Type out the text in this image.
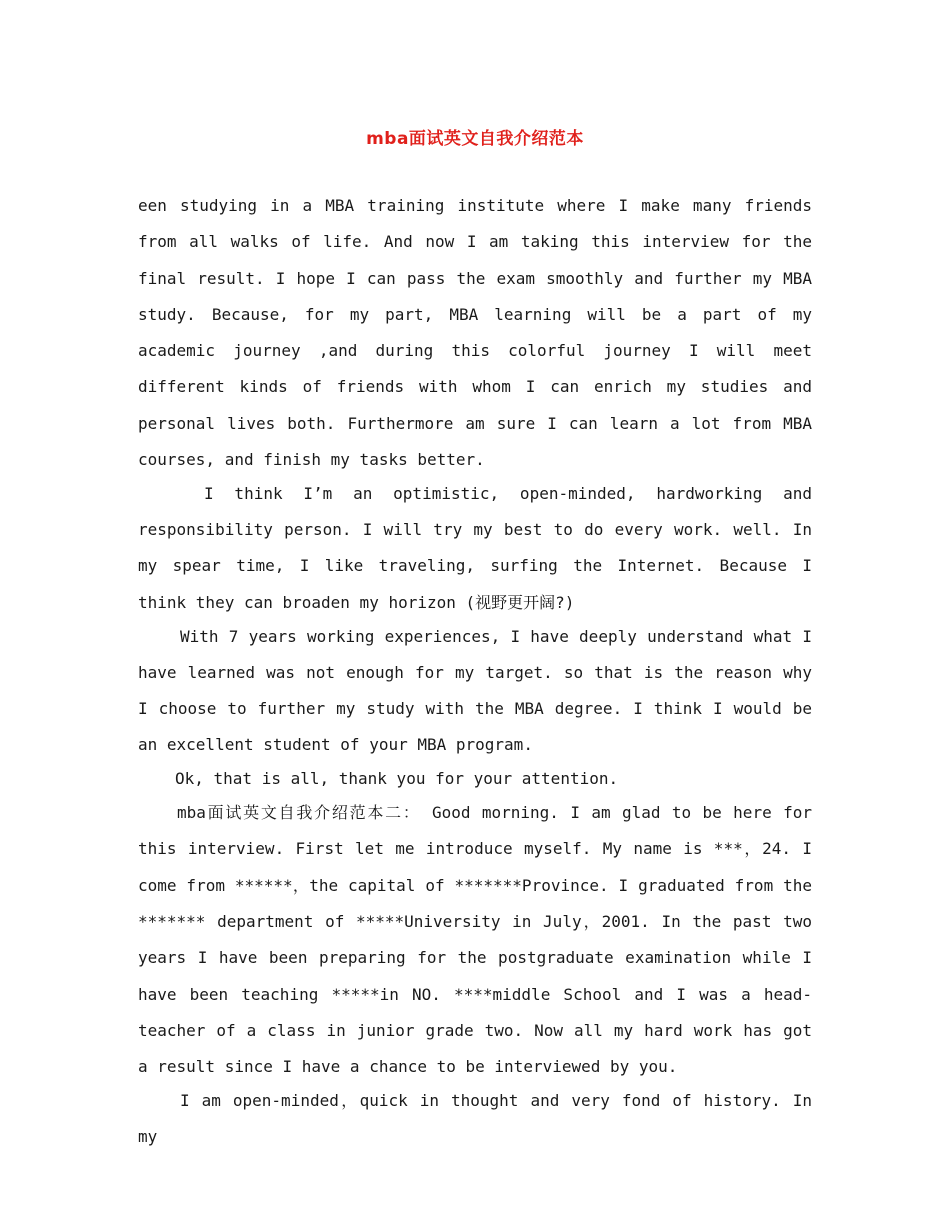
mba面试英文自我介绍范本

een studying in a MBA training institute where I make many friends from all walks of life. And now I am taking this interview for the final result. I hope I can pass the exam smoothly and further my MBA study. Because, for my part, MBA learning will be a part of my academic journey ,and during this colorful journey I will meet different kinds of friends with whom I can enrich my studies and personal lives both. Furthermore am sure I can learn a lot from MBA courses, and finish my tasks better.

I think I’m an optimistic, open-minded, hardworking and responsibility person. I will try my best to do every work. well. In my spear time, I like traveling, surfing the Internet. Because I think they can broaden my horizon (视野更开阔?)

With 7 years working experiences, I have deeply understand what I have learned was not enough for my target. so that is the reason why I choose to further my study with the MBA degree. I think I would be an excellent student of your MBA program.

Ok, that is all, thank you for your attention.

mba面试英文自我介绍范本二： Good morning. I am glad to be here for this interview. First let me introduce myself. My name is ***，24. I come from ******，the capital of *******Province. I graduated from the ******* department of *****University in July，2001. In the past two years I have been preparing for the postgraduate examination while I have been teaching *****in NO. ****middle School and I was a head-teacher of a class in junior grade two. Now all my hard work has got a result since I have a chance to be interviewed by you.

I am open-minded，quick in thought and very fond of history. In my
